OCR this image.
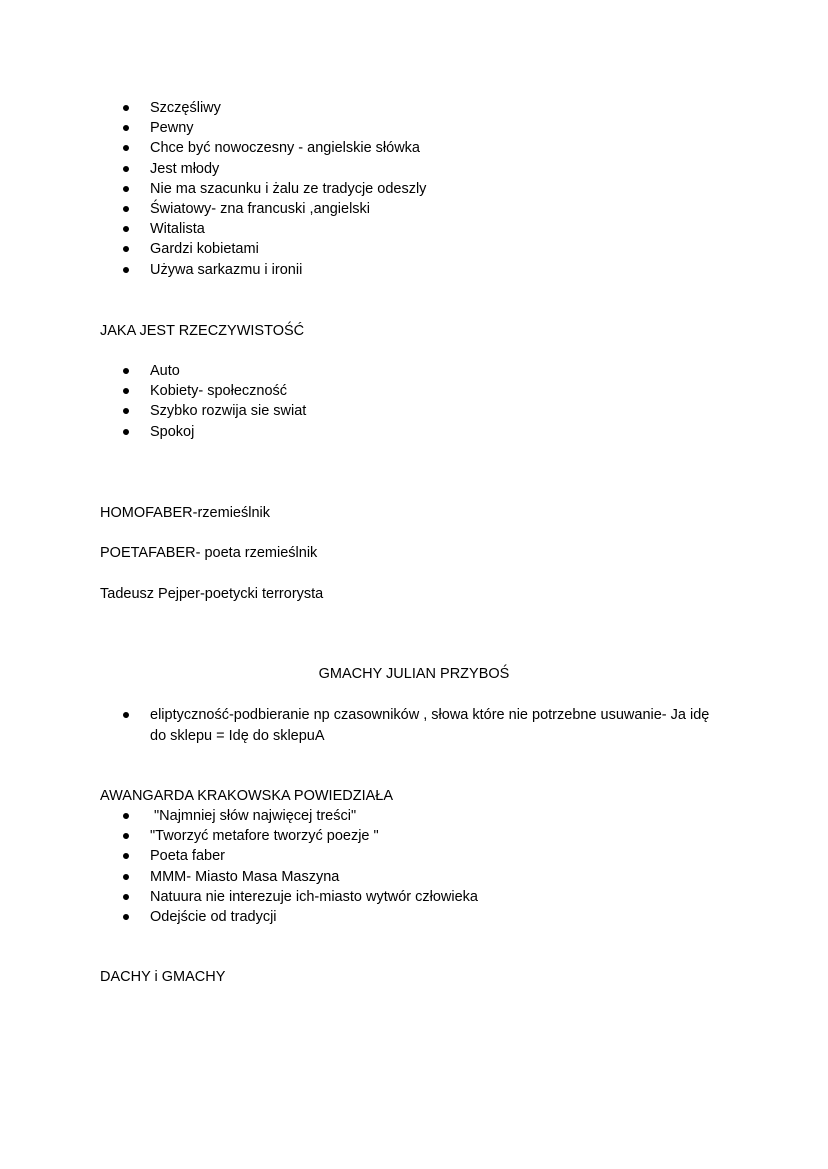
Szczęśliwy
Pewny
Chce być nowoczesny - angielskie słówka
Jest młody
Nie ma szacunku i żalu ze tradycje odeszly
Światowy- zna francuski ,angielski
Witalista
Gardzi kobietami
Używa sarkazmu i ironii
JAKA JEST RZECZYWISTOŚĆ
Auto
Kobiety- społeczność
Szybko rozwija sie swiat
Spokoj
HOMOFABER-rzemieślnik
POETAFABER- poeta rzemieślnik
Tadeusz Pejper-poetycki terrorysta
GMACHY JULIAN PRZYBOŚ
eliptyczność-podbieranie np czasowników , słowa które nie potrzebne usuwanie- Ja idę do sklepu = Idę do sklepuA
AWANGARDA KRAKOWSKA POWIEDZIAŁA
"Najmniej słów najwięcej treści"
"Tworzyć metafore tworzyć poezje "
Poeta faber
MMM- Miasto Masa Maszyna
Natuura nie interezuje ich-miasto wytwór człowieka
Odejście od tradycji
DACHY i GMACHY
